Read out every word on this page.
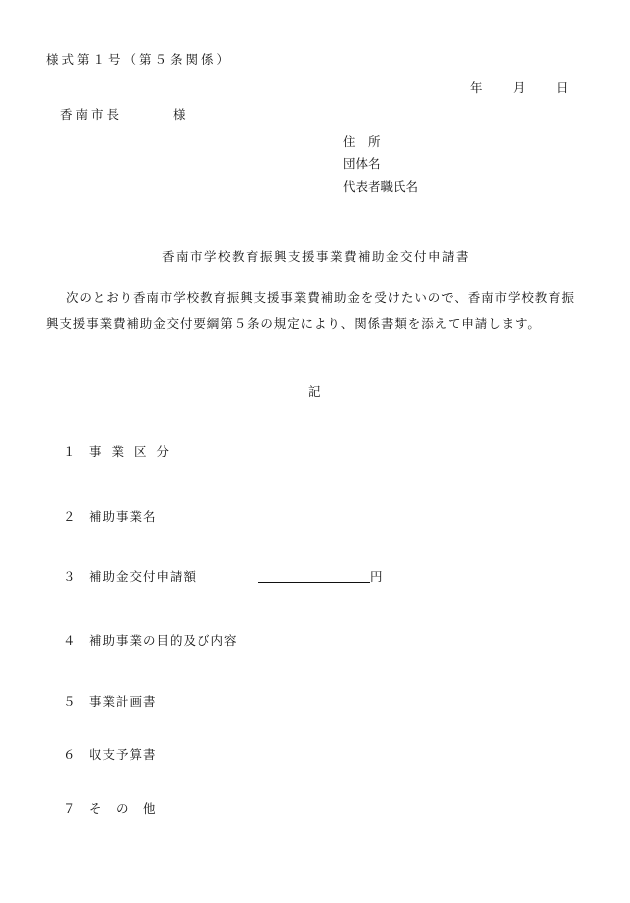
様式第１号（第５条関係）
年 月 日
香南市長	様
住　所
団体名
代表者職氏名
香南市学校教育振興支援事業費補助金交付申請書
次のとおり香南市学校教育振興支援事業費補助金を受けたいので、香南市学校教育振興支援事業費補助金交付要綱第５条の規定により、関係書類を添えて申請します。
記
１ 事 業 区 分
２ 補助事業名
３ 補助金交付申請額	円
４ 補助事業の目的及び内容
５ 事業計画書
６ 収支予算書
７ そ　の　他
